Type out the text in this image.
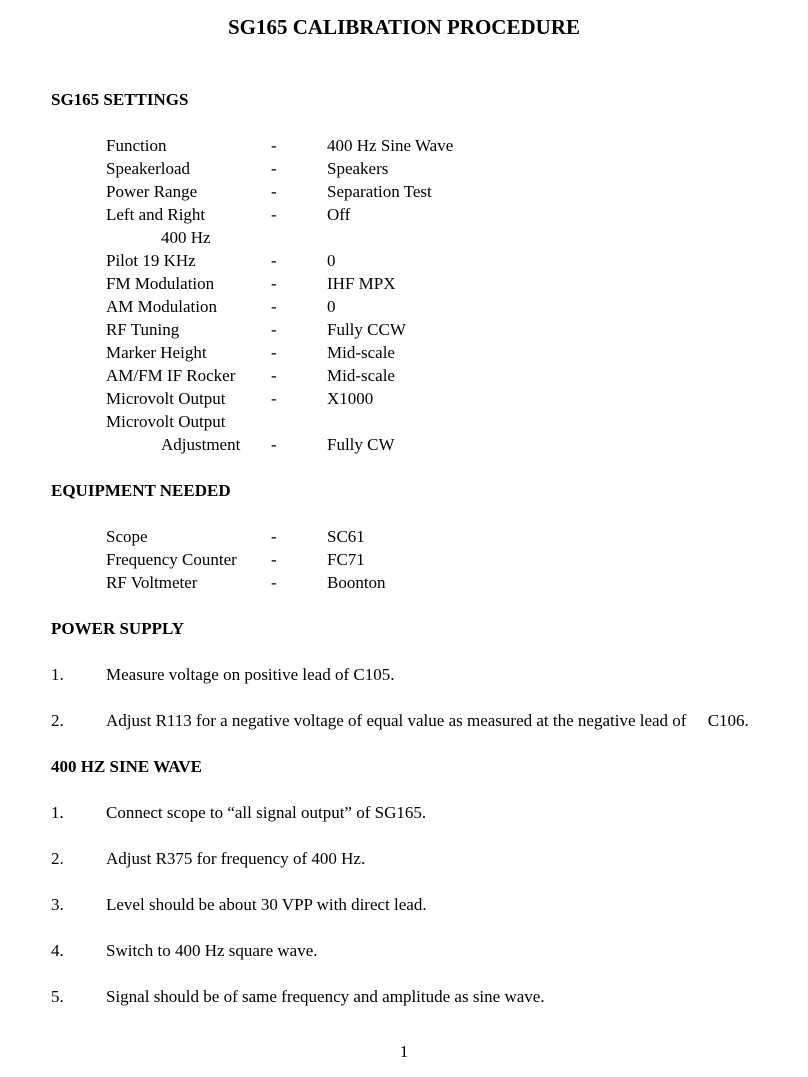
SG165 CALIBRATION PROCEDURE
SG165 SETTINGS
Function	-	400 Hz Sine Wave
Speakerload	-	Speakers
Power Range	-	Separation Test
Left and Right	-	Off
400 Hz
Pilot 19 KHz	-	0
FM Modulation	-	IHF MPX
AM Modulation	-	0
RF Tuning	-	Fully CCW
Marker Height	-	Mid-scale
AM/FM IF Rocker -	Mid-scale
Microvolt Output	-	X1000
Microvolt Output
Adjustment -	Fully CW
EQUIPMENT NEEDED
Scope	-	SC61
Frequency Counter -	FC71
RF Voltmeter	-	Boonton
POWER SUPPLY
1. Measure voltage on positive lead of C105.
2. Adjust R113 for a negative voltage of equal value as measured at the negative lead of     C106.
400 HZ SINE WAVE
1. Connect scope to “all signal output” of SG165.
2. Adjust R375 for frequency of 400 Hz.
3. Level should be about 30 VPP with direct lead.
4. Switch to 400 Hz square wave.
5. Signal should be of same frequency and amplitude as sine wave.
1
